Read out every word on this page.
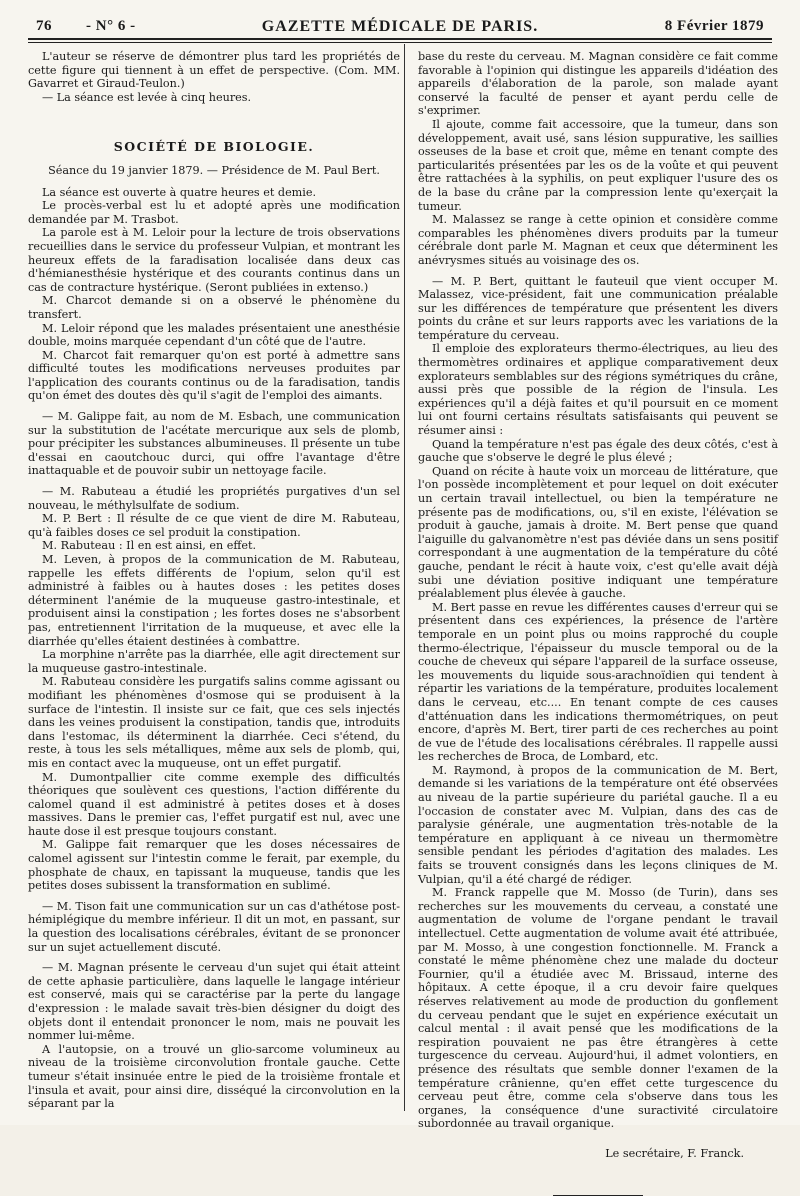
76 - N° 6 -	GAZETTE MÉDICALE DE PARIS.	8 Février 1879

L'auteur se réserve de démontrer plus tard les propriétés de cette figure qui tiennent à un effet de perspective. (Com. MM. Gavarret et Giraud-Teulon.)

— La séance est levée à cinq heures.

SOCIÉTÉ DE BIOLOGIE.
Séance du 19 janvier 1879. — Présidence de M. Paul Bert.

La séance est ouverte à quatre heures et demie.

Le procès-verbal est lu et adopté après une modification demandée par M. Trasbot.

La parole est à M. Leloir pour la lecture de trois observations recueillies dans le service du professeur Vulpian, et montrant les heureux effets de la faradisation localisée dans deux cas d'hémianesthésie hystérique et des courants continus dans un cas de contracture hystérique. (Seront publiées in extenso.)

M. Charcot demande si on a observé le phénomène du transfert.

M. Leloir répond que les malades présentaient une anesthésie double, moins marquée cependant d'un côté que de l'autre.

M. Charcot fait remarquer qu'on est porté à admettre sans difficulté toutes les modifications nerveuses produites par l'application des courants continus ou de la faradisation, tandis qu'on émet des doutes dès qu'il s'agit de l'emploi des aimants.

— M. Galippe fait, au nom de M. Esbach, une communication sur la substitution de l'acétate mercurique aux sels de plomb, pour précipiter les substances albumineuses. Il présente un tube d'essai en caoutchouc durci, qui offre l'avantage d'être inattaquable et de pouvoir subir un nettoyage facile.

— M. Rabuteau a étudié les propriétés purgatives d'un sel nouveau, le méthylsulfate de sodium.

M. P. Bert : Il résulte de ce que vient de dire M. Rabuteau, qu'à faibles doses ce sel produit la constipation.

M. Rabuteau : Il en est ainsi, en effet.

M. Leven, à propos de la communication de M. Rabuteau, rappelle les effets différents de l'opium, selon qu'il est administré à faibles ou à hautes doses : les petites doses déterminent l'anémie de la muqueuse gastro-intestinale, et produisent ainsi la constipation ; les fortes doses ne s'absorbent pas, entretiennent l'irritation de la muqueuse, et avec elle la diarrhée qu'elles étaient destinées à combattre.

La morphine n'arrête pas la diarrhée, elle agit directement sur la muqueuse gastro-intestinale.

M. Rabuteau considère les purgatifs salins comme agissant ou modifiant les phénomènes d'osmose qui se produisent à la surface de l'intestin. Il insiste sur ce fait, que ces sels injectés dans les veines produisent la constipation, tandis que, introduits dans l'estomac, ils déterminent la diarrhée. Ceci s'étend, du reste, à tous les sels métalliques, même aux sels de plomb, qui, mis en contact avec la muqueuse, ont un effet purgatif.

M. Dumontpallier cite comme exemple des difficultés théoriques que soulèvent ces questions, l'action différente du calomel quand il est administré à petites doses et à doses massives. Dans le premier cas, l'effet purgatif est nul, avec une haute dose il est presque toujours constant.

M. Galippe fait remarquer que les doses nécessaires de calomel agissent sur l'intestin comme le ferait, par exemple, du phosphate de chaux, en tapissant la muqueuse, tandis que les petites doses subissent la transformation en sublimé.

— M. Tison fait une communication sur un cas d'athétose post-hémiplégique du membre inférieur. Il dit un mot, en passant, sur la question des localisations cérébrales, évitant de se prononcer sur un sujet actuellement discuté.

— M. Magnan présente le cerveau d'un sujet qui était atteint de cette aphasie particulière, dans laquelle le langage intérieur est conservé, mais qui se caractérise par la perte du langage d'expression : le malade savait très-bien désigner du doigt des objets dont il entendait prononcer le nom, mais ne pouvait les nommer lui-même.

A l'autopsie, on a trouvé un glio-sarcome volumineux au niveau de la troisième circonvolution frontale gauche. Cette tumeur s'était insinuée entre le pied de la troisième frontale et l'insula et avait, pour ainsi dire, disséqué la circonvolution en la séparant par la

base du reste du cerveau. M. Magnan considère ce fait comme favorable à l'opinion qui distingue les appareils d'idéation des appareils d'élaboration de la parole, son malade ayant conservé la faculté de penser et ayant perdu celle de s'exprimer.

Il ajoute, comme fait accessoire, que la tumeur, dans son développement, avait usé, sans lésion suppurative, les saillies osseuses de la base et croit que, même en tenant compte des particularités présentées par les os de la voûte et qui peuvent être rattachées à la syphilis, on peut expliquer l'usure des os de la base du crâne par la compression lente qu'exerçait la tumeur.

M. Malassez se range à cette opinion et considère comme comparables les phénomènes divers produits par la tumeur cérébrale dont parle M. Magnan et ceux que déterminent les anévrysmes situés au voisinage des os.

— M. P. Bert, quittant le fauteuil que vient occuper M. Malassez, vice-président, fait une communication préalable sur les différences de température que présentent les divers points du crâne et sur leurs rapports avec les variations de la température du cerveau.

Il emploie des explorateurs thermo-électriques, au lieu des thermomètres ordinaires et applique comparativement deux explorateurs semblables sur des régions symétriques du crâne, aussi près que possible de la région de l'insula. Les expériences qu'il a déjà faites et qu'il poursuit en ce moment lui ont fourni certains résultats satisfaisants qui peuvent se résumer ainsi :

Quand la température n'est pas égale des deux côtés, c'est à gauche que s'observe le degré le plus élevé ;

Quand on récite à haute voix un morceau de littérature, que l'on possède incomplètement et pour lequel on doit exécuter un certain travail intellectuel, ou bien la température ne présente pas de modifications, ou, s'il en existe, l'élévation se produit à gauche, jamais à droite. M. Bert pense que quand l'aiguille du galvanomètre n'est pas déviée dans un sens positif correspondant à une augmentation de la température du côté gauche, pendant le récit à haute voix, c'est qu'elle avait déjà subi une déviation positive indiquant une température préalablement plus élevée à gauche.

M. Bert passe en revue les différentes causes d'erreur qui se présentent dans ces expériences, la présence de l'artère temporale en un point plus ou moins rapproché du couple thermo-électrique, l'épaisseur du muscle temporal ou de la couche de cheveux qui sépare l'appareil de la surface osseuse, les mouvements du liquide sous-arachnoïdien qui tendent à répartir les variations de la température, produites localement dans le cerveau, etc.... En tenant compte de ces causes d'atténuation dans les indications thermométriques, on peut encore, d'après M. Bert, tirer parti de ces recherches au point de vue de l'étude des localisations cérébrales. Il rappelle aussi les recherches de Broca, de Lombard, etc.

M. Raymond, à propos de la communication de M. Bert, demande si les variations de la température ont été observées au niveau de la partie supérieure du pariétal gauche. Il a eu l'occasion de constater avec M. Vulpian, dans des cas de paralysie générale, une augmentation très-notable de la température en appliquant à ce niveau un thermomètre sensible pendant les périodes d'agitation des malades. Les faits se trouvent consignés dans les leçons cliniques de M. Vulpian, qu'il a été chargé de rédiger.

M. Franck rappelle que M. Mosso (de Turin), dans ses recherches sur les mouvements du cerveau, a constaté une augmentation de volume de l'organe pendant le travail intellectuel. Cette augmentation de volume avait été attribuée, par M. Mosso, à une congestion fonctionnelle. M. Franck a constaté le même phénomène chez une malade du docteur Fournier, qu'il a étudiée avec M. Brissaud, interne des hôpitaux. A cette époque, il a cru devoir faire quelques réserves relativement au mode de production du gonflement du cerveau pendant que le sujet en expérience exécutait un calcul mental : il avait pensé que les modifications de la respiration pouvaient ne pas être étrangères à cette turgescence du cerveau. Aujourd'hui, il admet volontiers, en présence des résultats que semble donner l'examen de la température crânienne, qu'en effet cette turgescence du cerveau peut être, comme cela s'observe dans tous les organes, la conséquence d'une suractivité circulatoire subordonnée au travail organique.

Le secrétaire, F. Franck.
